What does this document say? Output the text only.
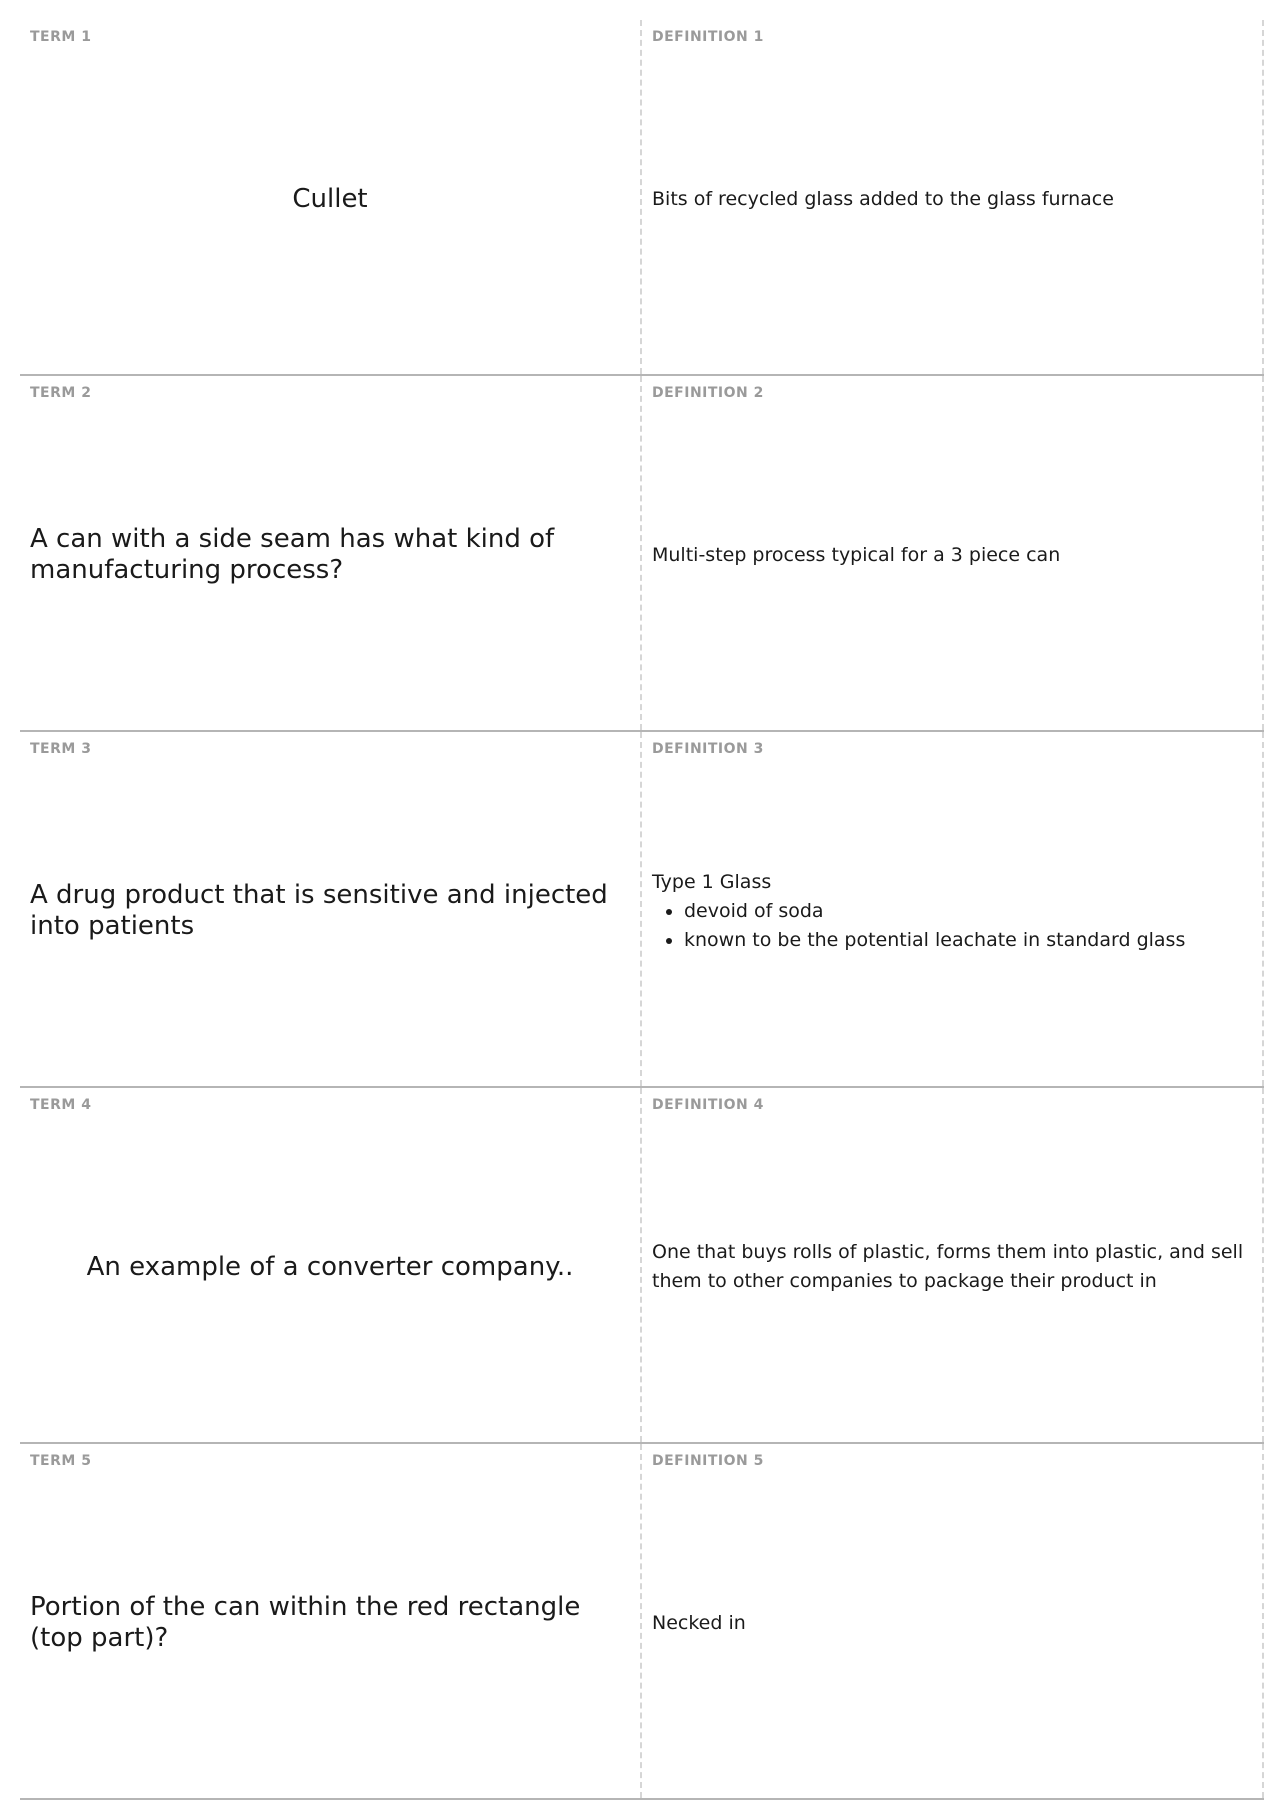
TERM 1
Cullet
DEFINITION 1
Bits of recycled glass added to the glass furnace
TERM 2
A can with a side seam has what kind of manufacturing process?
DEFINITION 2
Multi-step process typical for a 3 piece can
TERM 3
A drug product that is sensitive and injected into patients
DEFINITION 3
Type 1 Glass
• devoid of soda
• known to be the potential leachate in standard glass
TERM 4
An example of a converter company..
DEFINITION 4
One that buys rolls of plastic, forms them into plastic, and sell them to other companies to package their product in
TERM 5
Portion of the can within the red rectangle (top part)?
DEFINITION 5
Necked in
